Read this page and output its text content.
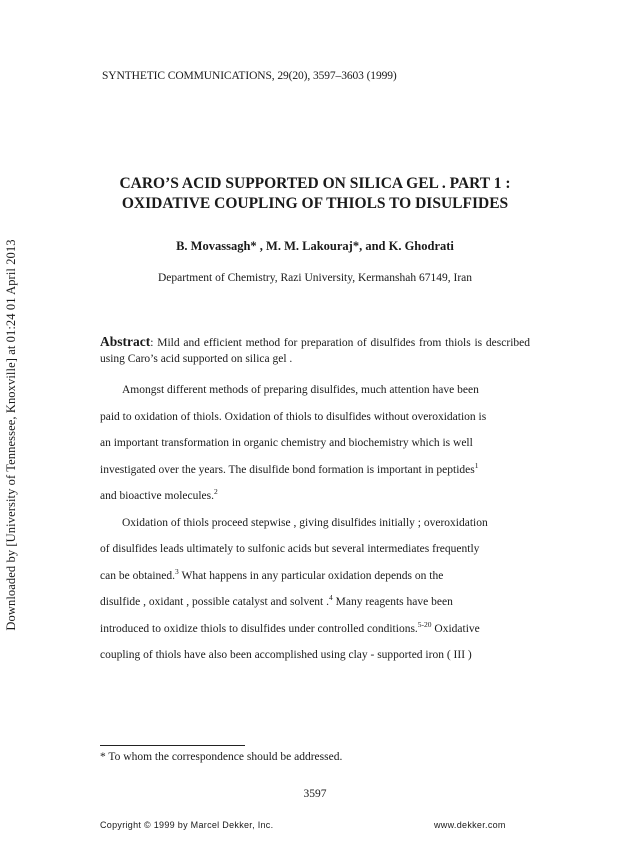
Downloaded by [University of Tennessee, Knoxville] at 01:24 01 April 2013
SYNTHETIC COMMUNICATIONS, 29(20), 3597–3603 (1999)
CARO’S ACID SUPPORTED ON SILICA GEL . PART 1 :
OXIDATIVE COUPLING OF THIOLS TO DISULFIDES
B. Movassagh* , M. M. Lakouraj*, and K. Ghodrati
Department of Chemistry, Razi University, Kermanshah 67149, Iran
Abstract: Mild and efficient method for preparation of disulfides from thiols is described using Caro’s acid supported on silica gel .

Amongst different methods of preparing disulfides, much attention have been

paid to oxidation of thiols. Oxidation of thiols to disulfides without overoxidation is

an important transformation in organic chemistry and biochemistry which is well

investigated over the years. The disulfide bond formation is important in peptides$^1$

and bioactive molecules.$^2$

Oxidation of thiols proceed stepwise , giving disulfides initially ; overoxidation

of disulfides leads ultimately to sulfonic acids but several intermediates frequently

can be obtained.$^3$ What happens in any particular oxidation depends on the

disulfide , oxidant , possible catalyst and solvent .$^4$ Many reagents have been

introduced to oxidize thiols to disulfides under controlled conditions.$^{5-20}$ Oxidative

coupling of thiols have also been accomplished using clay - supported iron ( III )

* To whom the correspondence should be addressed.
3597
Copyright © 1999 by Marcel Dekker, Inc.	www.dekker.com
